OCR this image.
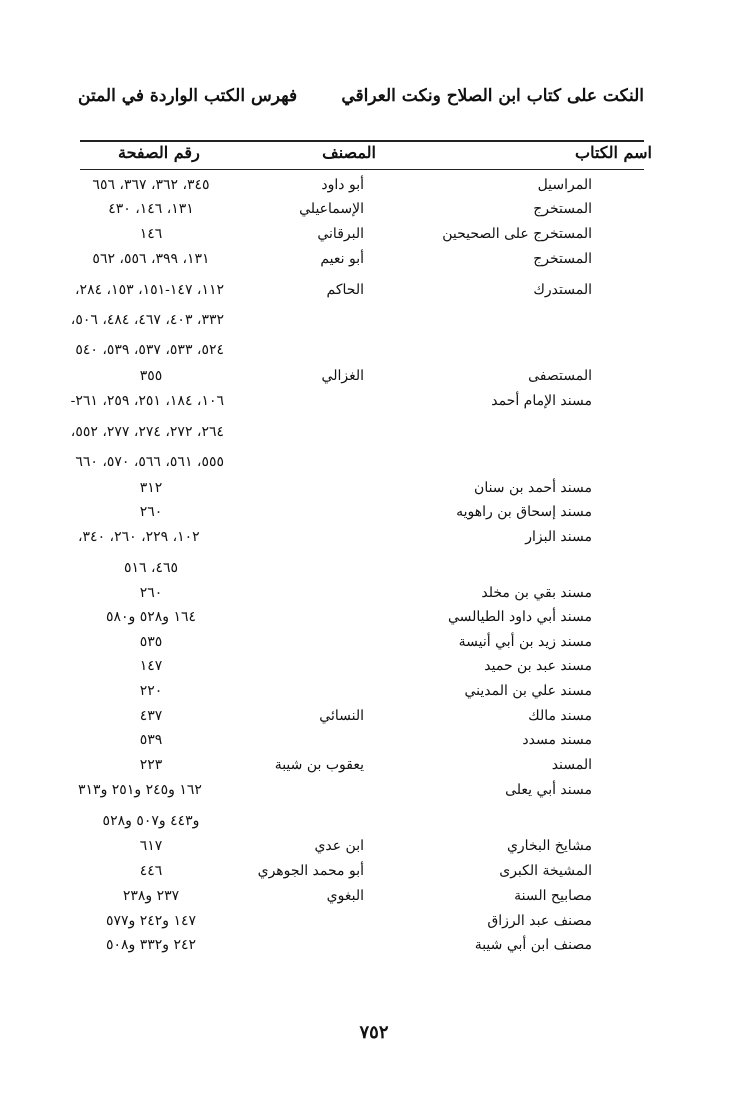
النكت على كتاب ابن الصلاح ونكت العراقي
فهرس الكتب الواردة في المتن
اسم الكتاب
المصنف
رقم الصفحة
المراسيل
أبو داود
٣٤٥، ٣٦٢، ٣٦٧، ٦٥٦
المستخرج
الإسماعيلي
١٣١، ١٤٦، ٤٣٠
المستخرج على الصحيحين
البرقاني
١٤٦
المستخرج
أبو نعيم
١٣١، ٣٩٩، ٥٥٦، ٥٦٢
المستدرك
الحاكم
١١٢، ١٤٧-١٥١، ١٥٣، ٢٨٤،
٣٣٢، ٤٠٣، ٤٦٧، ٤٨٤، ٥٠٦،
٥٢٤، ٥٣٣، ٥٣٧، ٥٣٩، ٥٤٠
المستصفى
الغزالي
٣٥٥
مسند الإمام أحمد
١٠٦، ١٨٤، ٢٥١، ٢٥٩، ٢٦١-
٢٦٤، ٢٧٢، ٢٧٤، ٢٧٧، ٥٥٢،
٥٥٥، ٥٦١، ٥٦٦، ٥٧٠، ٦٦٠
مسند أحمد بن سنان
٣١٢
مسند إسحاق بن راهويه
٢٦٠
مسند البزار
١٠٢، ٢٢٩، ٢٦٠، ٣٤٠،
٤٦٥، ٥١٦
مسند بقي بن مخلد
٢٦٠
مسند أبي داود الطيالسي
١٦٤ و٥٢٨ و٥٨٠
مسند زيد بن أبي أنيسة
٥٣٥
مسند عبد بن حميد
١٤٧
مسند علي بن المديني
٢٢٠
مسند مالك
النسائي
٤٣٧
مسند مسدد
٥٣٩
المسند
يعقوب بن شيبة
٢٢٣
مسند أبي يعلى
١٦٢ و٢٤٥ و٢٥١ و٣١٣
و٤٤٣ و٥٠٧ و٥٢٨
مشايخ البخاري
ابن عدي
٦١٧
المشيخة الكبرى
أبو محمد الجوهري
٤٤٦
مصابيح السنة
البغوي
٢٣٧ و٢٣٨
مصنف عبد الرزاق
١٤٧ و٢٤٢ و٥٧٧
مصنف ابن أبي شيبة
٢٤٢ و٣٣٢ و٥٠٨
٧٥٢
